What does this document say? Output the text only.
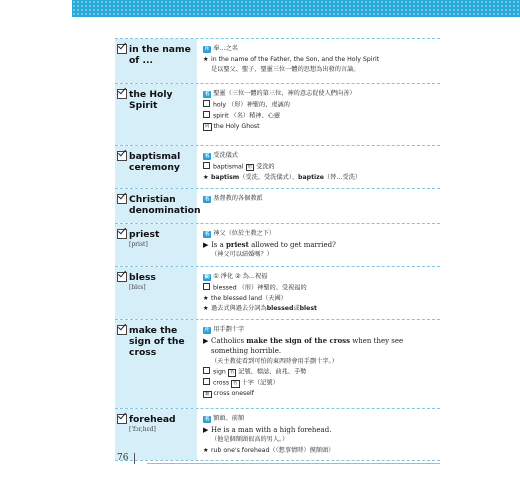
in the name of ...
片 奉…之名
★ in the name of the Father, the Son, and the Holy Spirit
是以聖父、聖子、聖靈三位一體的思想為出發的言論。
the Holy Spirit
名 聖靈（三位一體的第三位，神的意志促使人們向善）
holy （形）神聖的、虔誠的
spirit （名）精神、心靈
同 the Holy Ghost
baptismal ceremony
名 受洗儀式
baptismal 形 受洗的
★ baptism（受洗、受洗儀式）、baptize（替…受洗）
Christian denomination
名 基督教的各個教派
priest
[prist]
名 神父（位於主教之下）
▶ Is a priest allowed to get married?
（神父可以結婚嗎？）
bless
[blɛs]
動 ① 淨化 ② 為…祝福
blessed （形）神聖的、受祝福的
★ the blessed land（天國）
★ 過去式與過去分詞為blessed或blest
make the sign of the cross
片 用手劃十字
▶ Catholics make the sign of the cross when they see
something horrible.
（天主教徒看到可怕的東西時會用手劃十字。）
sign 名 記號、標誌、前兆、手勢
cross 名 十字（記號）
類 cross oneself
forehead
[ˈfɔr,hɛd]
名 額頭、前額
▶ He is a man with a high forehead.
（他是個額頭很高的男人。）
★ rub one's forehead（（想事情時）摸額頭）
76
